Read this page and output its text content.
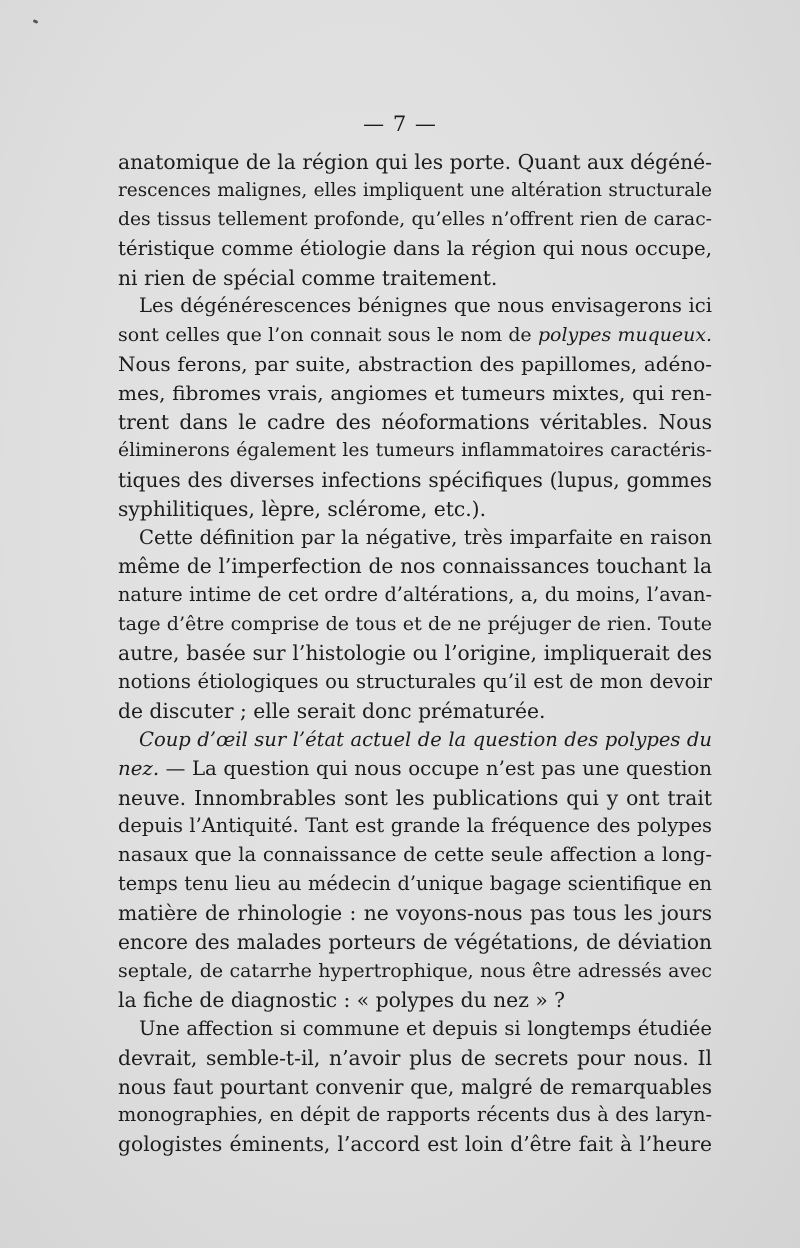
— 7 —
anatomique de la région qui les porte. Quant aux dégéné-
rescences malignes, elles impliquent une altération structurale
des tissus tellement profonde, qu’elles n’offrent rien de carac-
téristique comme étiologie dans la région qui nous occupe,
ni rien de spécial comme traitement.
Les dégénérescences bénignes que nous envisagerons ici
sont celles que l’on connait sous le nom de polypes muqueux.
Nous ferons, par suite, abstraction des papillomes, adéno-
mes, fibromes vrais, angiomes et tumeurs mixtes, qui ren-
trent dans le cadre des néoformations véritables. Nous
éliminerons également les tumeurs inflammatoires caractéris-
tiques des diverses infections spécifiques (lupus, gommes
syphilitiques, lèpre, sclérome, etc.).
Cette définition par la négative, très imparfaite en raison
même de l’imperfection de nos connaissances touchant la
nature intime de cet ordre d’altérations, a, du moins, l’avan-
tage d’être comprise de tous et de ne préjuger de rien. Toute
autre, basée sur l’histologie ou l’origine, impliquerait des
notions étiologiques ou structurales qu’il est de mon devoir
de discuter ; elle serait donc prématurée.
Coup d’œil sur l’état actuel de la question des polypes du
nez. — La question qui nous occupe n’est pas une question
neuve. Innombrables sont les publications qui y ont trait
depuis l’Antiquité. Tant est grande la fréquence des polypes
nasaux que la connaissance de cette seule affection a long-
temps tenu lieu au médecin d’unique bagage scientifique en
matière de rhinologie : ne voyons-nous pas tous les jours
encore des malades porteurs de végétations, de déviation
septale, de catarrhe hypertrophique, nous être adressés avec
la fiche de diagnostic : « polypes du nez » ?
Une affection si commune et depuis si longtemps étudiée
devrait, semble-t-il, n’avoir plus de secrets pour nous. Il
nous faut pourtant convenir que, malgré de remarquables
monographies, en dépit de rapports récents dus à des laryn-
gologistes éminents, l’accord est loin d’être fait à l’heure
